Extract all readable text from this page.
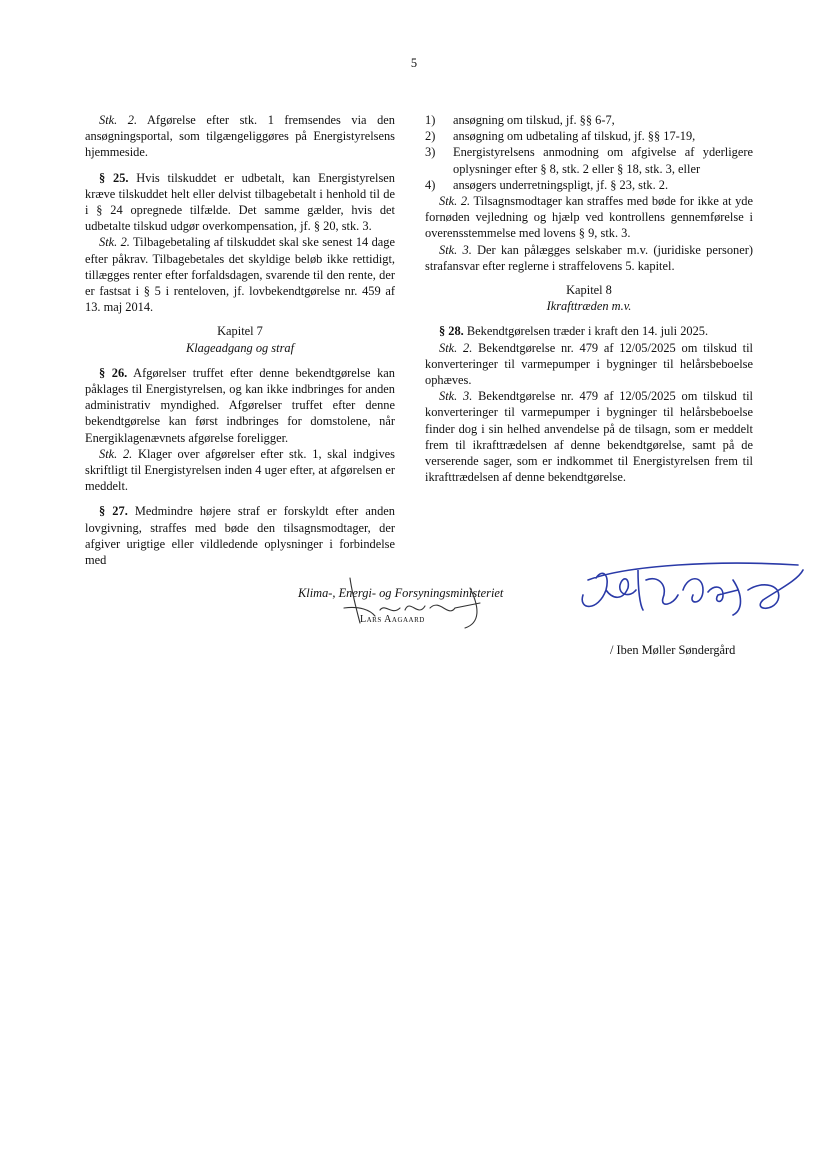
5

Stk. 2. Afgørelse efter stk. 1 fremsendes via den ansøgningsportal, som tilgængeliggøres på Energistyrelsens hjemmeside.

§ 25. Hvis tilskuddet er udbetalt, kan Energistyrelsen kræve tilskuddet helt eller delvist tilbagebetalt i henhold til de i § 24 opregnede tilfælde. Det samme gælder, hvis det udbetalte tilskud udgør overkompensation, jf. § 20, stk. 3.

Stk. 2. Tilbagebetaling af tilskuddet skal ske senest 14 dage efter påkrav. Tilbagebetales det skyldige beløb ikke rettidigt, tillægges renter efter forfaldsdagen, svarende til den rente, der er fastsat i § 5 i renteloven, jf. lovbekendtgørelse nr. 459 af 13. maj 2014.

Kapitel 7

Klageadgang og straf

§ 26. Afgørelser truffet efter denne bekendtgørelse kan påklages til Energistyrelsen, og kan ikke indbringes for anden administrativ myndighed. Afgørelser truffet efter denne bekendtgørelse kan først indbringes for domstolene, når Energiklagenævnets afgørelse foreligger.

Stk. 2. Klager over afgørelser efter stk. 1, skal indgives skriftligt til Energistyrelsen inden 4 uger efter, at afgørelsen er meddelt.

§ 27. Medmindre højere straf er forskyldt efter anden lovgivning, straffes med bøde den tilsagnsmodtager, der afgiver urigtige eller vildledende oplysninger i forbindelse med

1) ansøgning om tilskud, jf. §§ 6-7,
2) ansøgning om udbetaling af tilskud, jf. §§ 17-19,
3) Energistyrelsens anmodning om afgivelse af yderligere oplysninger efter § 8, stk. 2 eller § 18, stk. 3, eller
4) ansøgers underretningspligt, jf. § 23, stk. 2.

Stk. 2. Tilsagnsmodtager kan straffes med bøde for ikke at yde fornøden vejledning og hjælp ved kontrollens gennemførelse i overensstemmelse med lovens § 9, stk. 3.

Stk. 3. Der kan pålægges selskaber m.v. (juridiske personer) strafansvar efter reglerne i straffelovens 5. kapitel.

Kapitel 8

Ikrafttræden m.v.

§ 28. Bekendtgørelsen træder i kraft den 14. juli 2025.

Stk. 2. Bekendtgørelse nr. 479 af 12/05/2025 om tilskud til konverteringer til varmepumper i bygninger til helårsbeboelse ophæves.

Stk. 3. Bekendtgørelse nr. 479 af 12/05/2025 om tilskud til konverteringer til varmepumper i bygninger til helårsbeboelse finder dog i sin helhed anvendelse på de tilsagn, som er meddelt frem til ikrafttrædelsen af denne bekendtgørelse, samt på de verserende sager, som er indkommet til Energistyrelsen frem til ikrafttrædelsen af denne bekendtgørelse.

Klima-, Energi- og Forsyningsministeriet
Lars Aagaard
/ Iben Møller Søndergård
